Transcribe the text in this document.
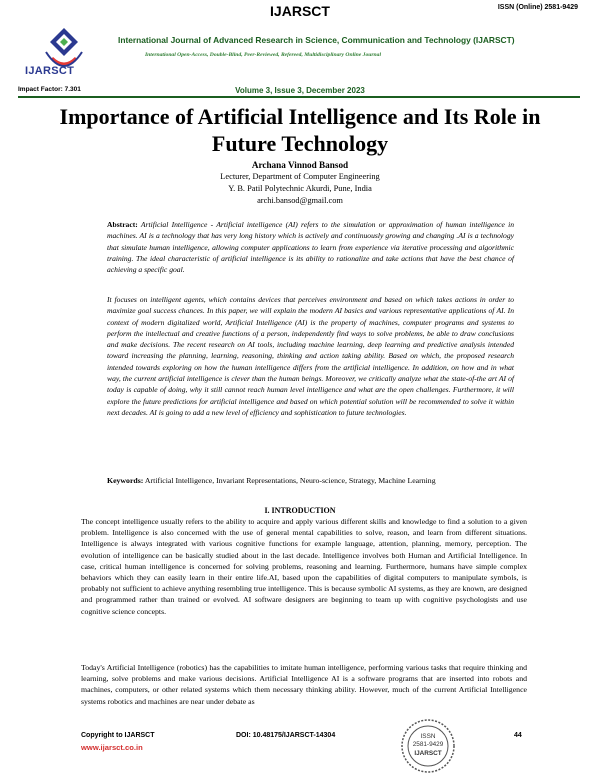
IJARSCT	ISSN (Online) 2581-9429
IJARSCT
International Journal of Advanced Research in Science, Communication and Technology (IJARSCT)
International Open-Access, Double-Blind, Peer-Reviewed, Refereed, Multidisciplinary Online Journal
Impact Factor: 7.301	Volume 3, Issue 3, December 2023
Importance of Artificial Intelligence and Its Role in Future Technology
Archana Vinnod Bansod
Lecturer, Department of Computer Engineering
Y. B. Patil Polytechnic Akurdi, Pune, India
archi.bansod@gmail.com
Abstract: Artificial Intelligence - Artificial intelligence (AI) refers to the simulation or approximation of human intelligence in machines. AI is a technology that has very long history which is actively and continuously growing and changing .AI is a technology that simulate human intelligence, allowing computer applications to learn from experience via iterative processing and algorithmic training. The ideal characteristic of artificial intelligence is its ability to rationalize and take actions that have the best chance of achieving a specific goal.
It focuses on intelligent agents, which contains devices that perceives environment and based on which takes actions in order to maximize goal success chances. In this paper, we will explain the modern AI basics and various representative applications of AI. In context of modern digitalized world, Artificial Intelligence (AI) is the property of machines, computer programs and systems to perform the intellectual and creative functions of a person, independently find ways to solve problems, be able to draw conclusions and make decisions. The recent research on AI tools, including machine learning, deep learning and predictive analysis intended toward increasing the planning, learning, reasoning, thinking and action taking ability. Based on which, the proposed research intended towards exploring on how the human intelligence differs from the artificial intelligence. In addition, on how and in what way, the current artificial intelligence is clever than the human beings. Moreover, we critically analyze what the state-of-the art AI of today is capable of doing, why it still cannot reach human level intelligence and what are the open challenges. Furthermore, it will explore the future predictions for artificial intelligence and based on which potential solution will be recommended to solve it within next decades. AI is going to add a new level of efficiency and sophistication to future technologies.
Keywords: Artificial Intelligence, Invariant Representations, Neuro-science, Strategy, Machine Learning
I. INTRODUCTION
The concept intelligence usually refers to the ability to acquire and apply various different skills and knowledge to find a solution to a given problem. Intelligence is also concerned with the use of general mental capabilities to solve, reason, and learn from different situations. Intelligence is always integrated with various cognitive functions for example language, attention, planning, memory, perception. The evolution of intelligence can be basically studied about in the last decade. Intelligence involves both Human and Artificial Intelligence. In case, critical human intelligence is concerned for solving problems, reasoning and learning. Furthermore, humans have simple complex behaviors which they can easily learn in their entire life.AI, based upon the capabilities of digital computers to manipulate symbols, is probably not sufficient to achieve anything resembling true intelligence. This is because symbolic AI systems, as they are known, are designed and programmed rather than trained or evolved. AI software designers are beginning to team up with cognitive psychologists and use cognitive science concepts.
Today's Artificial Intelligence (robotics) has the capabilities to imitate human intelligence, performing various tasks that require thinking and learning, solve problems and make various decisions. Artificial Intelligence AI is a software programs that are inserted into robots and machines, computers, or other related systems which them necessary thinking ability. However, much of the current Artificial Intelligence systems robotics and machines are near under debate as
Copyright to IJARSCT
www.ijarsct.co.in
DOI: 10.48175/IJARSCT-14304	44
ISSN
2581-9429
IJARSCT
